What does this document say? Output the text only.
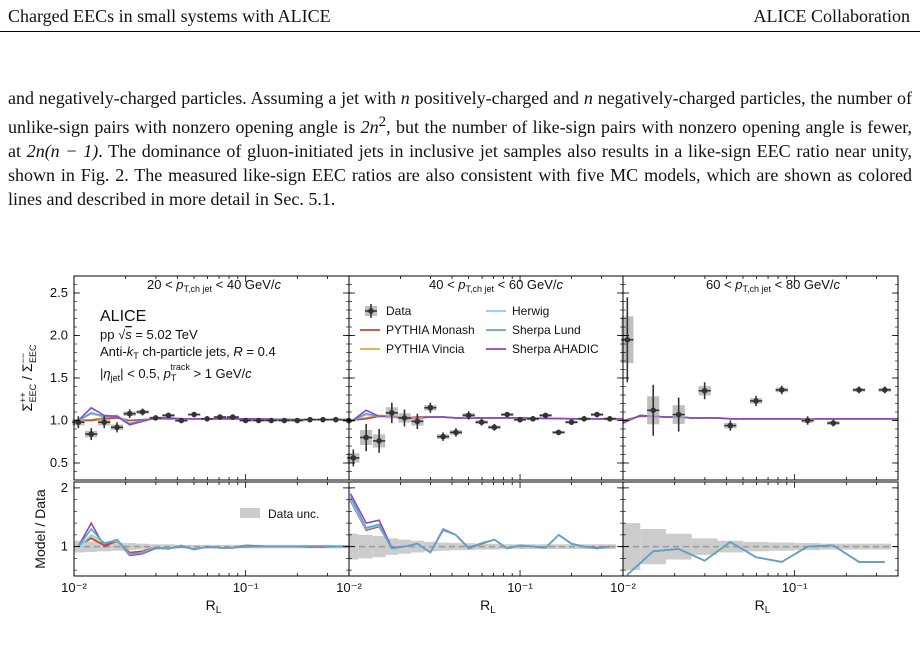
Charged EECs in small systems with ALICE	ALICE Collaboration

and negatively-charged particles. Assuming a jet with n positively-charged and n negatively-charged particles, the number of unlike-sign pairs with nonzero opening angle is $2n^2$, but the number of like-sign pairs with nonzero opening angle is fewer, at 2n(n − 1). The dominance of gluon-initiated jets in inclusive jet samples also results in a like-sign EEC ratio near unity, shown in Fig. 2. The measured like-sign EEC ratios are also consistent with five MC models, which are shown as colored lines and described in more detail in Sec. 5.1.

10⁻²	10⁻¹
$R_L$
$20 < p_{T,ch jet} < 40$ GeV/c
10⁻²	10⁻¹
$R_L$
$40 < p_{T,ch jet} < 60$ GeV/c
10⁻²	10⁻¹
$R_L$
$60 < p_{T,ch jet} < 80$ GeV/c
0.5
1.0
1.5
2.0
2.5
1
2
Σ++EEC / Σ−−EEC
Model / Data
ALICE
pp √s = 5.02 TeV
Anti-$k_T$ ch-particle jets, R = 0.4
$|\eta_{jet}| < 0.5$, $p_Ttrack > 1$ GeV/c
Data
PYTHIA Monash
PYTHIA Vincia
Herwig
Sherpa Lund
Sherpa AHADIC
Data unc.
